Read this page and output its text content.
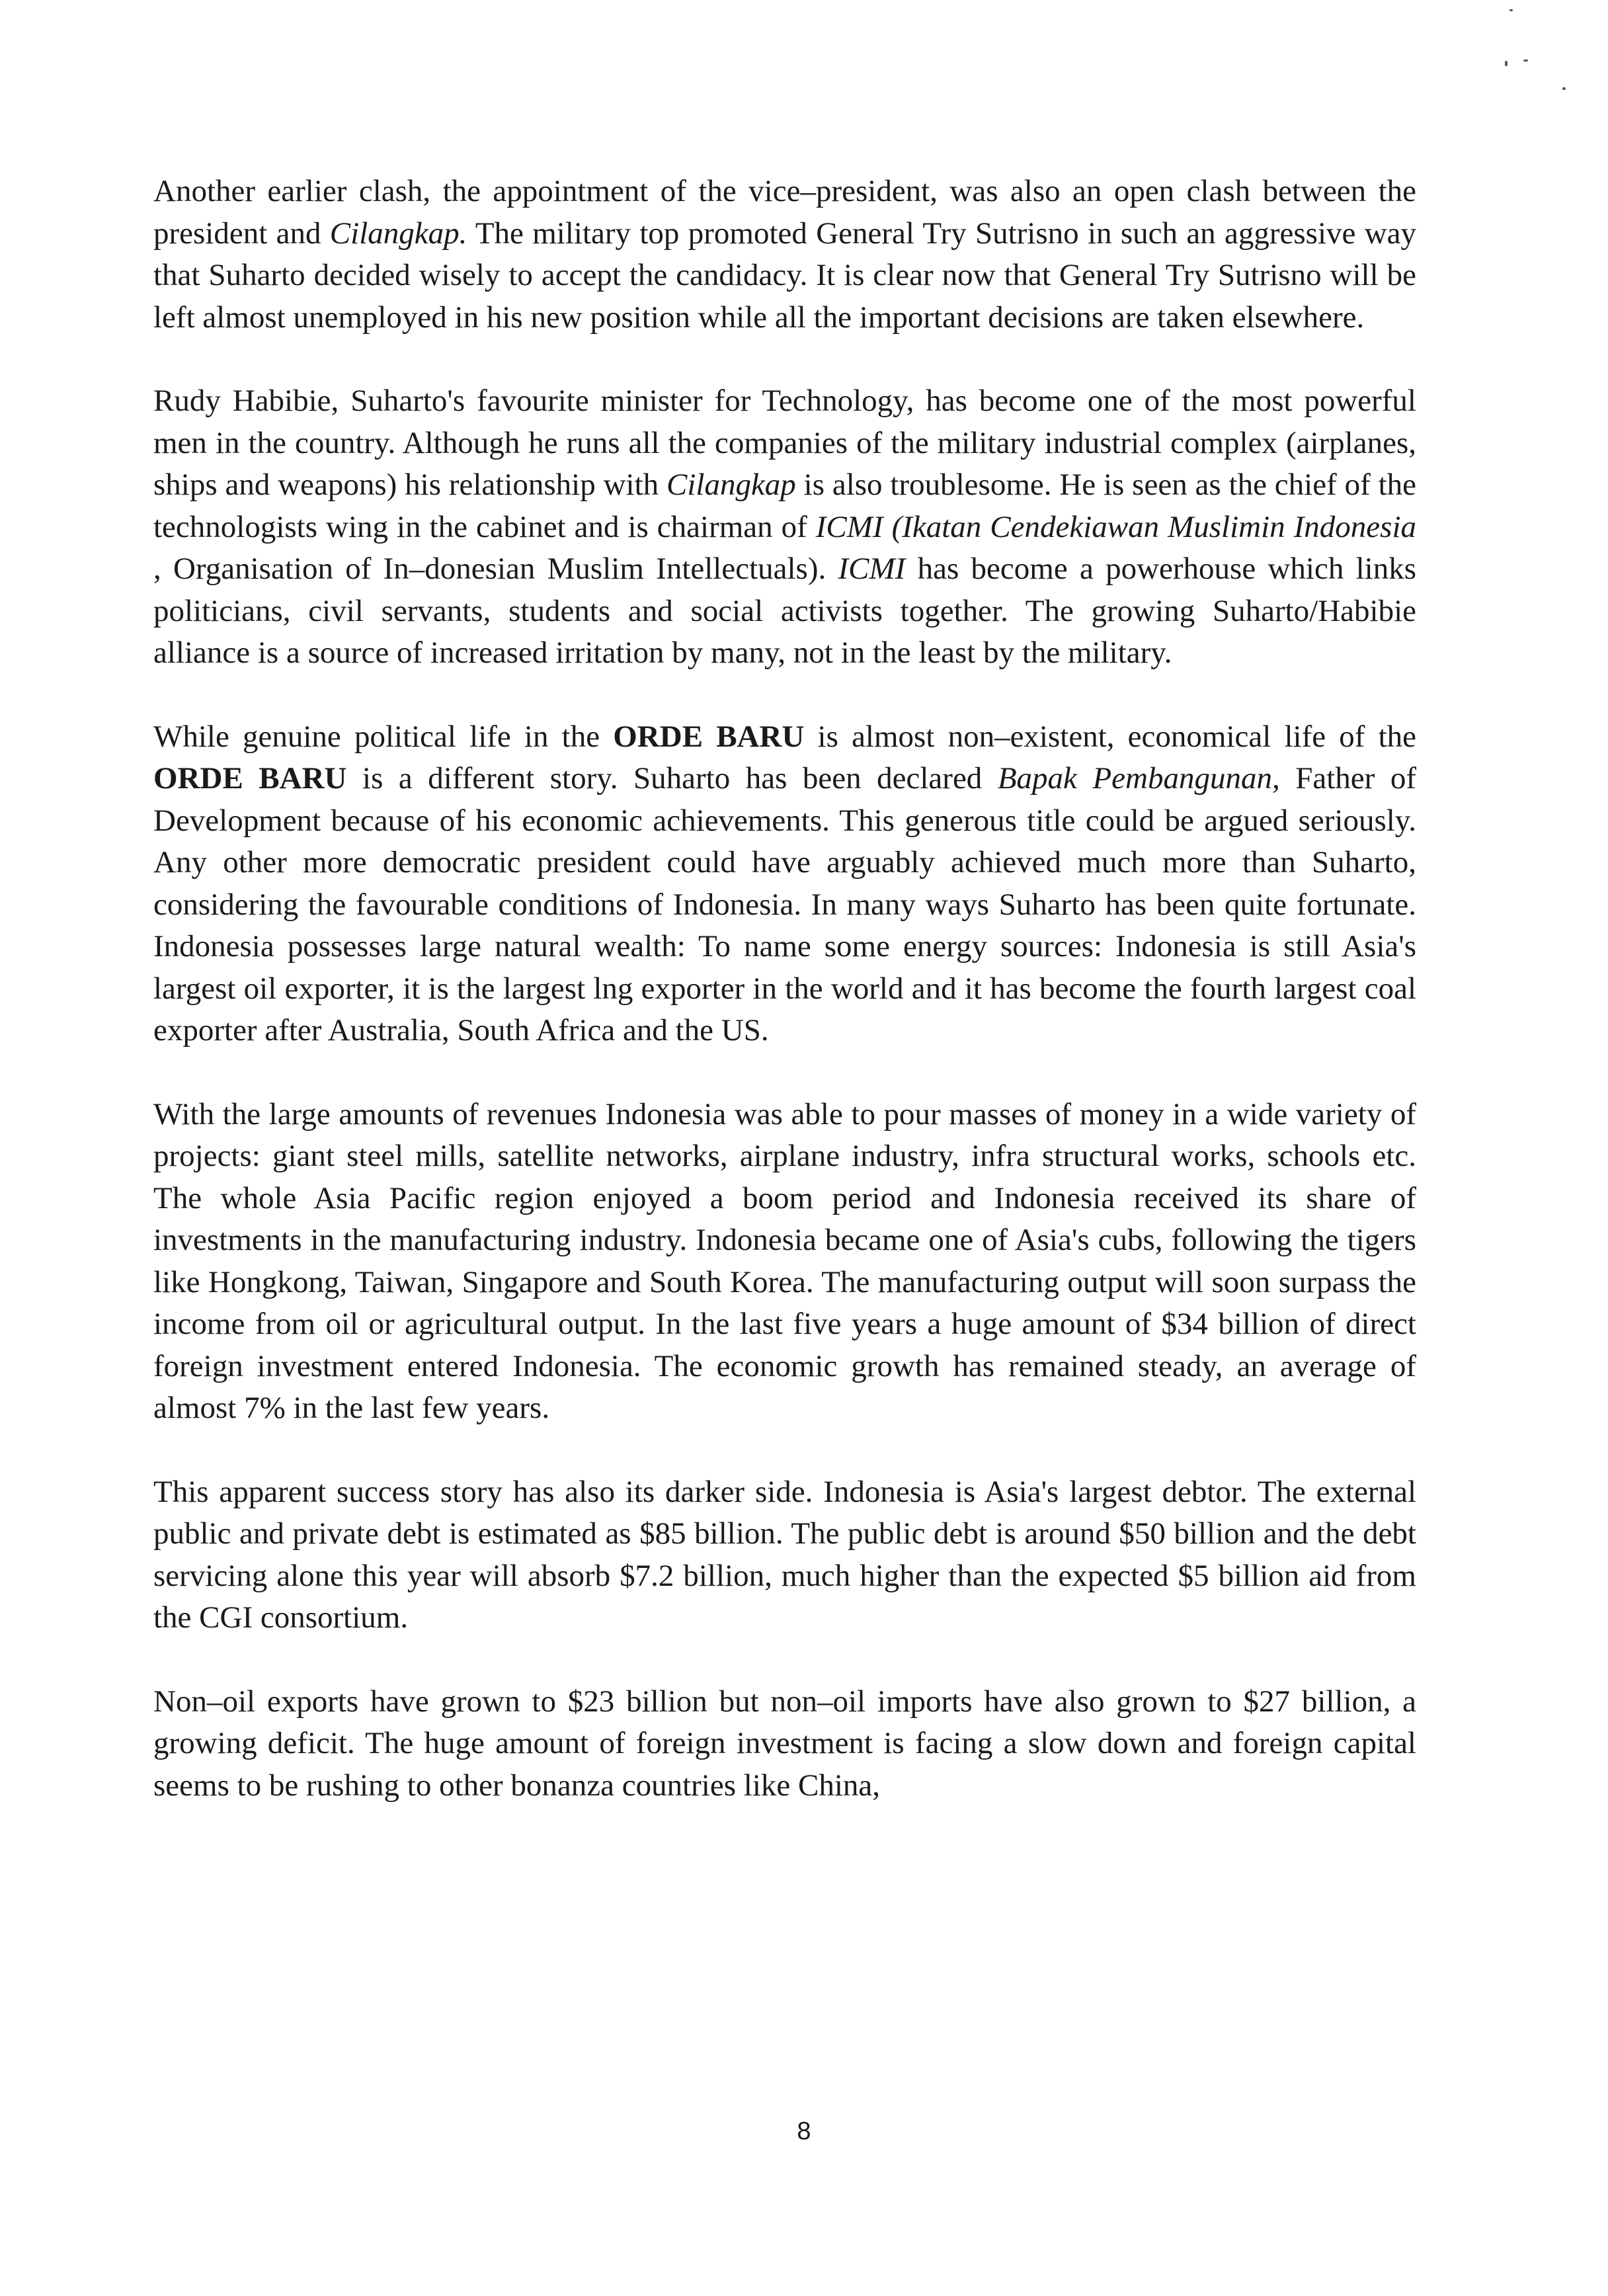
Another earlier clash, the appointment of the vice–president, was also an open clash between the president and Cilangkap. The military top promoted General Try Sutrisno in such an aggressive way that Suharto decided wisely to accept the candidacy. It is clear now that General Try Sutrisno will be left almost unemployed in his new position while all the important decisions are taken elsewhere.

Rudy Habibie, Suharto's favourite minister for Technology, has become one of the most powerful men in the country. Although he runs all the companies of the military industrial complex (airplanes, ships and weapons) his relationship with Cilangkap is also troublesome. He is seen as the chief of the technologists wing in the cabinet and is chairman of ICMI (Ikatan Cendekiawan Muslimin Indonesia , Organisation of In–donesian Muslim Intellectuals). ICMI has become a powerhouse which links politicians, civil servants, students and social activists together. The growing Suharto/Habibie alliance is a source of increased irritation by many, not in the least by the military.

While genuine political life in the ORDE BARU is almost non–existent, economical life of the ORDE BARU is a different story. Suharto has been declared Bapak Pembangunan, Father of Development because of his economic achievements. This generous title could be argued seriously. Any other more democratic president could have arguably achieved much more than Suharto, considering the favourable conditions of Indonesia. In many ways Suharto has been quite fortunate. Indonesia possesses large natural wealth: To name some energy sources: Indonesia is still Asia's largest oil exporter, it is the largest lng exporter in the world and it has become the fourth largest coal exporter after Australia, South Africa and the US.

With the large amounts of revenues Indonesia was able to pour masses of money in a wide variety of projects: giant steel mills, satellite networks, airplane industry, infra structural works, schools etc. The whole Asia Pacific region enjoyed a boom period and Indonesia received its share of investments in the manufacturing industry. Indonesia became one of Asia's cubs, following the tigers like Hongkong, Taiwan, Singapore and South Korea. The manufacturing output will soon surpass the income from oil or agricultural output. In the last five years a huge amount of $34 billion of direct foreign investment entered Indonesia. The economic growth has remained steady, an average of almost 7% in the last few years.

This apparent success story has also its darker side. Indonesia is Asia's largest debtor. The external public and private debt is estimated as $85 billion. The public debt is around $50 billion and the debt servicing alone this year will absorb $7.2 billion, much higher than the expected $5 billion aid from the CGI consortium.

Non–oil exports have grown to $23 billion but non–oil imports have also grown to $27 billion, a growing deficit. The huge amount of foreign investment is facing a slow down and foreign capital seems to be rushing to other bonanza countries like China,

8
